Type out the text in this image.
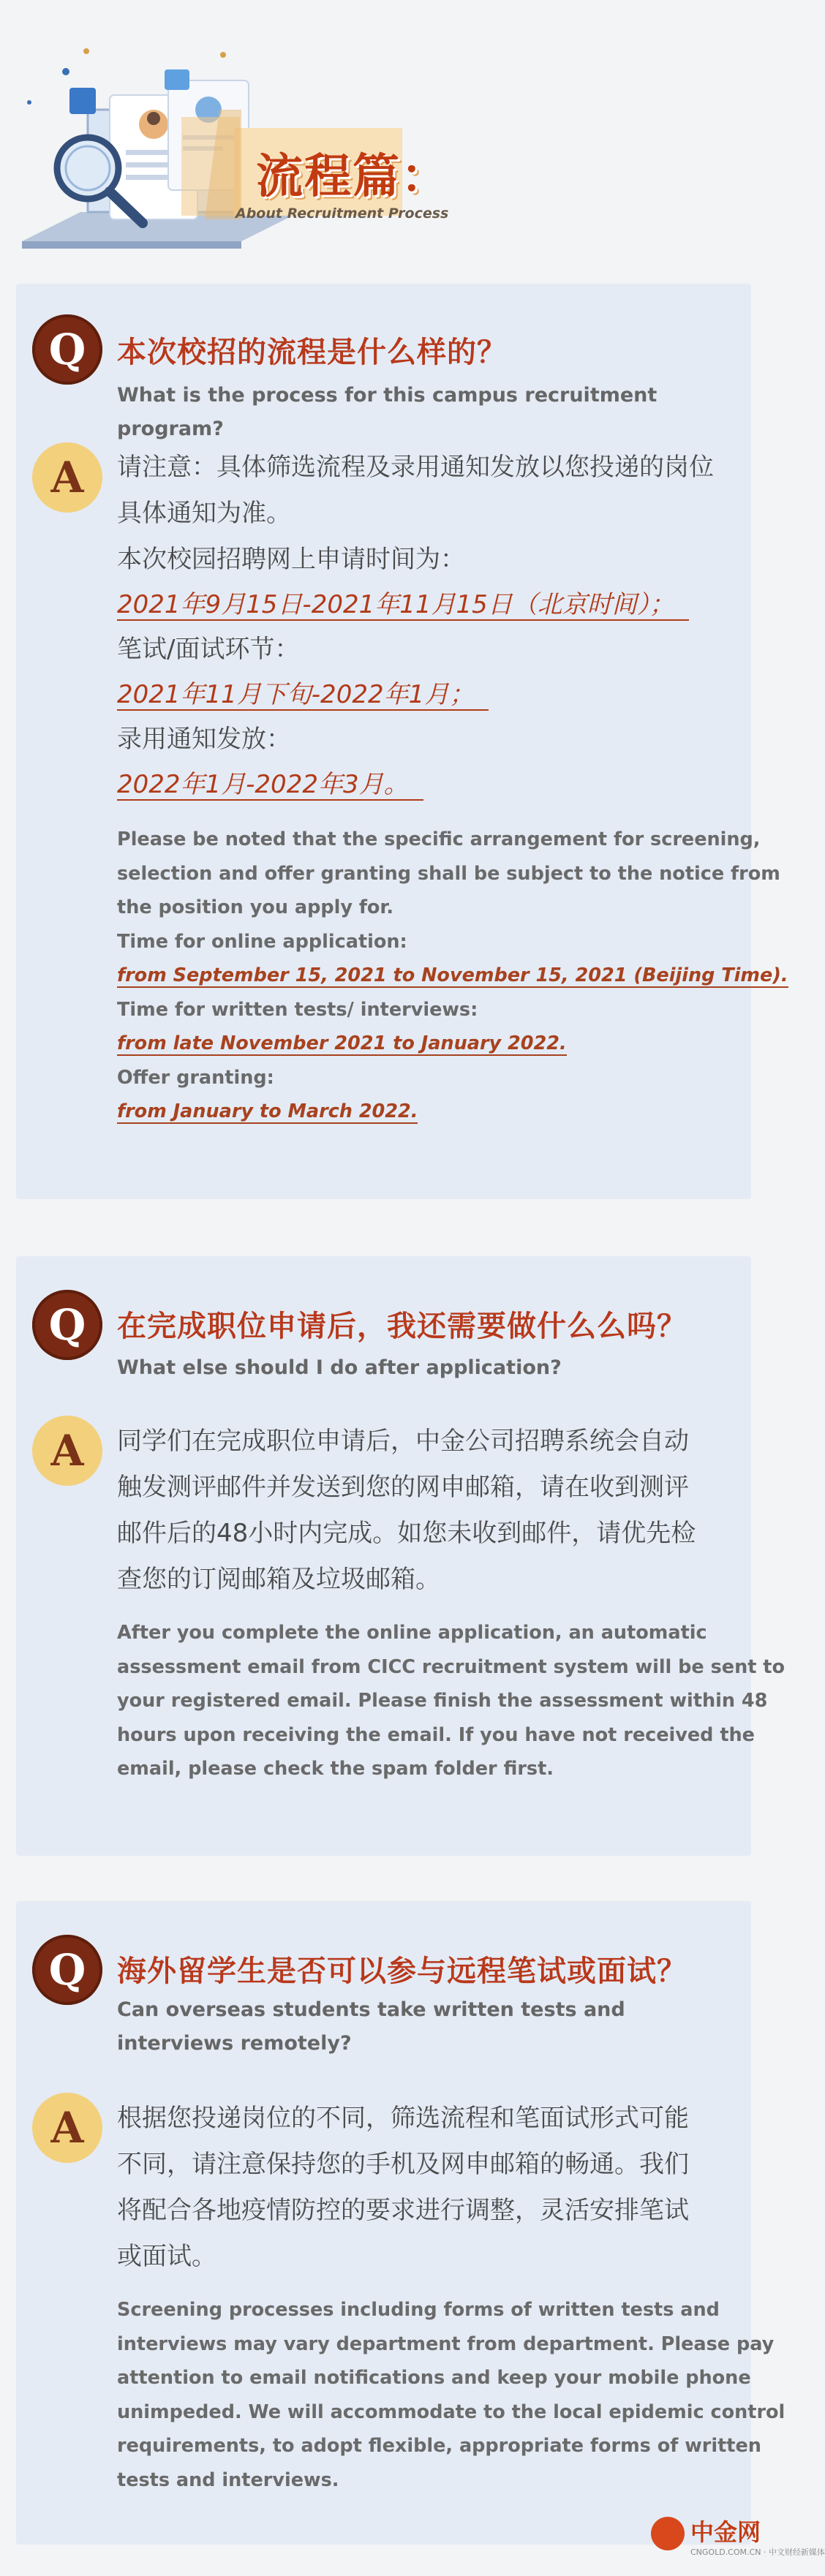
流程篇：
About Recruitment Process
Q	本次校招的流程是什么样的？
What is the process for this campus recruitment program?
A	请注意：具体筛选流程及录用通知发放以您投递的岗位
具体通知为准。
本次校园招聘网上申请时间为：
2021年9月15日-2021年11月15日（北京时间）；
笔试/面试环节：
2021年11月下旬-2022年1月；
录用通知发放：
2022年1月-2022年3月。
Please be noted that the specific arrangement for screening,
selection and offer granting shall be subject to the notice from
the position you apply for.
Time for online application:
from September 15, 2021 to November 15, 2021 (Beijing Time).
Time for written tests/ interviews:
from late November 2021 to January 2022.
Offer granting:
from January to March 2022.
Q	在完成职位申请后，我还需要做什么么吗？
What else should I do after application?
A	同学们在完成职位申请后，中金公司招聘系统会自动
触发测评邮件并发送到您的网申邮箱，请在收到测评
邮件后的48小时内完成。如您未收到邮件，请优先检
查您的订阅邮箱及垃圾邮箱。
After you complete the online application, an automatic
assessment email from CICC recruitment system will be sent to
your registered email. Please finish the assessment within 48
hours upon receiving the email. If you have not received the
email, please check the spam folder first.
Q	海外留学生是否可以参与远程笔试或面试？
Can overseas students take written tests and interviews remotely?
A	根据您投递岗位的不同，筛选流程和笔面试形式可能
不同，请注意保持您的手机及网申邮箱的畅通。我们
将配合各地疫情防控的要求进行调整，灵活安排笔试
或面试。
Screening processes including forms of written tests and
interviews may vary department from department. Please pay
attention to email notifications and keep your mobile phone
unimpeded. We will accommodate to the local epidemic control
requirements, to adopt flexible, appropriate forms of written
tests and interviews.
中金网
CNGOLD.COM.CN · 中文财经新媒体
